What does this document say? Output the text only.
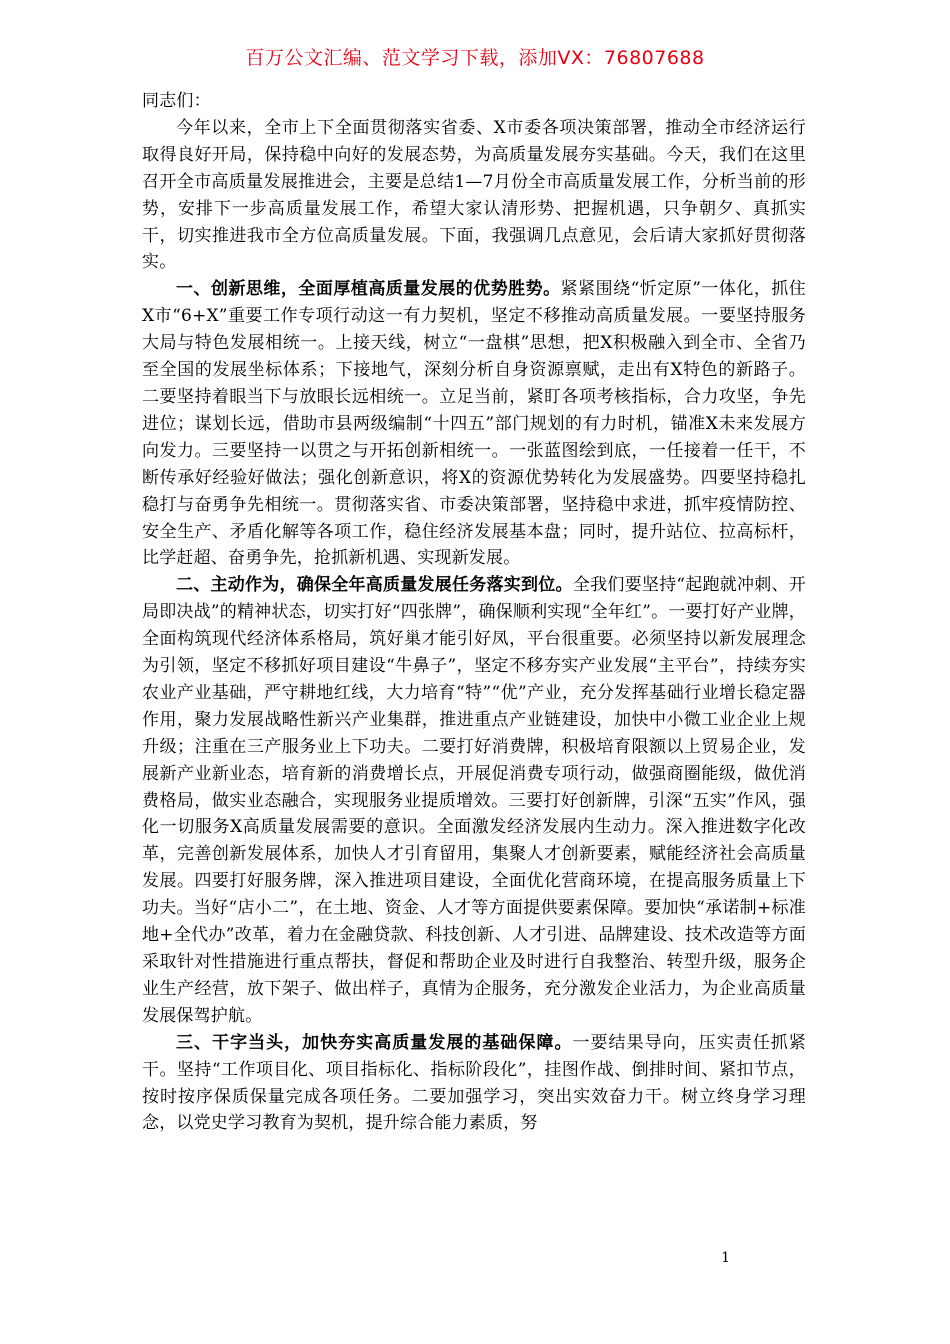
百万公文汇编、范文学习下载，添加VX：76807688

同志们：

今年以来，全市上下全面贯彻落实省委、X市委各项决策部署，推动全市经济运行取得良好开局，保持稳中向好的发展态势，为高质量发展夯实基础。今天，我们在这里召开全市高质量发展推进会，主要是总结1—7月份全市高质量发展工作，分析当前的形势，安排下一步高质量发展工作，希望大家认清形势、把握机遇，只争朝夕、真抓实干，切实推进我市全方位高质量发展。下面，我强调几点意见，会后请大家抓好贯彻落实。

一、创新思维，全面厚植高质量发展的优势胜势。紧紧围绕“忻定原”一体化，抓住X市“6+X”重要工作专项行动这一有力契机，坚定不移推动高质量发展。一要坚持服务大局与特色发展相统一。上接天线，树立“一盘棋”思想，把X积极融入到全市、全省乃至全国的发展坐标体系；下接地气，深刻分析自身资源禀赋，走出有X特色的新路子。二要坚持着眼当下与放眼长远相统一。立足当前，紧盯各项考核指标，合力攻坚，争先进位；谋划长远，借助市县两级编制“十四五”部门规划的有力时机，锚准X未来发展方向发力。三要坚持一以贯之与开拓创新相统一。一张蓝图绘到底，一任接着一任干，不断传承好经验好做法；强化创新意识，将X的资源优势转化为发展盛势。四要坚持稳扎稳打与奋勇争先相统一。贯彻落实省、市委决策部署，坚持稳中求进，抓牢疫情防控、安全生产、矛盾化解等各项工作，稳住经济发展基本盘；同时，提升站位、拉高标杆，比学赶超、奋勇争先，抢抓新机遇、实现新发展。

二、主动作为，确保全年高质量发展任务落实到位。全我们要坚持“起跑就冲刺、开局即决战”的精神状态，切实打好“四张牌”，确保顺利实现“全年红”。一要打好产业牌，全面构筑现代经济体系格局，筑好巢才能引好凤，平台很重要。必须坚持以新发展理念为引领，坚定不移抓好项目建设“牛鼻子”，坚定不移夯实产业发展“主平台”，持续夯实农业产业基础，严守耕地红线，大力培育“特”“优”产业，充分发挥基础行业增长稳定器作用，聚力发展战略性新兴产业集群，推进重点产业链建设，加快中小微工业企业上规升级；注重在三产服务业上下功夫。二要打好消费牌，积极培育限额以上贸易企业，发展新产业新业态，培育新的消费增长点，开展促消费专项行动，做强商圈能级，做优消费格局，做实业态融合，实现服务业提质增效。三要打好创新牌，引深“五实”作风，强化一切服务X高质量发展需要的意识。全面激发经济发展内生动力。深入推进数字化改革，完善创新发展体系，加快人才引育留用，集聚人才创新要素，赋能经济社会高质量发展。四要打好服务牌，深入推进项目建设，全面优化营商环境，在提高服务质量上下功夫。当好“店小二”，在土地、资金、人才等方面提供要素保障。要加快“承诺制+标准地+全代办”改革，着力在金融贷款、科技创新、人才引进、品牌建设、技术改造等方面采取针对性措施进行重点帮扶，督促和帮助企业及时进行自我整治、转型升级，服务企业生产经营，放下架子、做出样子，真情为企服务，充分激发企业活力，为企业高质量发展保驾护航。

三、干字当头，加快夯实高质量发展的基础保障。一要结果导向，压实责任抓紧干。坚持“工作项目化、项目指标化、指标阶段化”，挂图作战、倒排时间、紧扣节点，按时按序保质保量完成各项任务。二要加强学习，突出实效奋力干。树立终身学习理念，以党史学习教育为契机，提升综合能力素质，努

1
